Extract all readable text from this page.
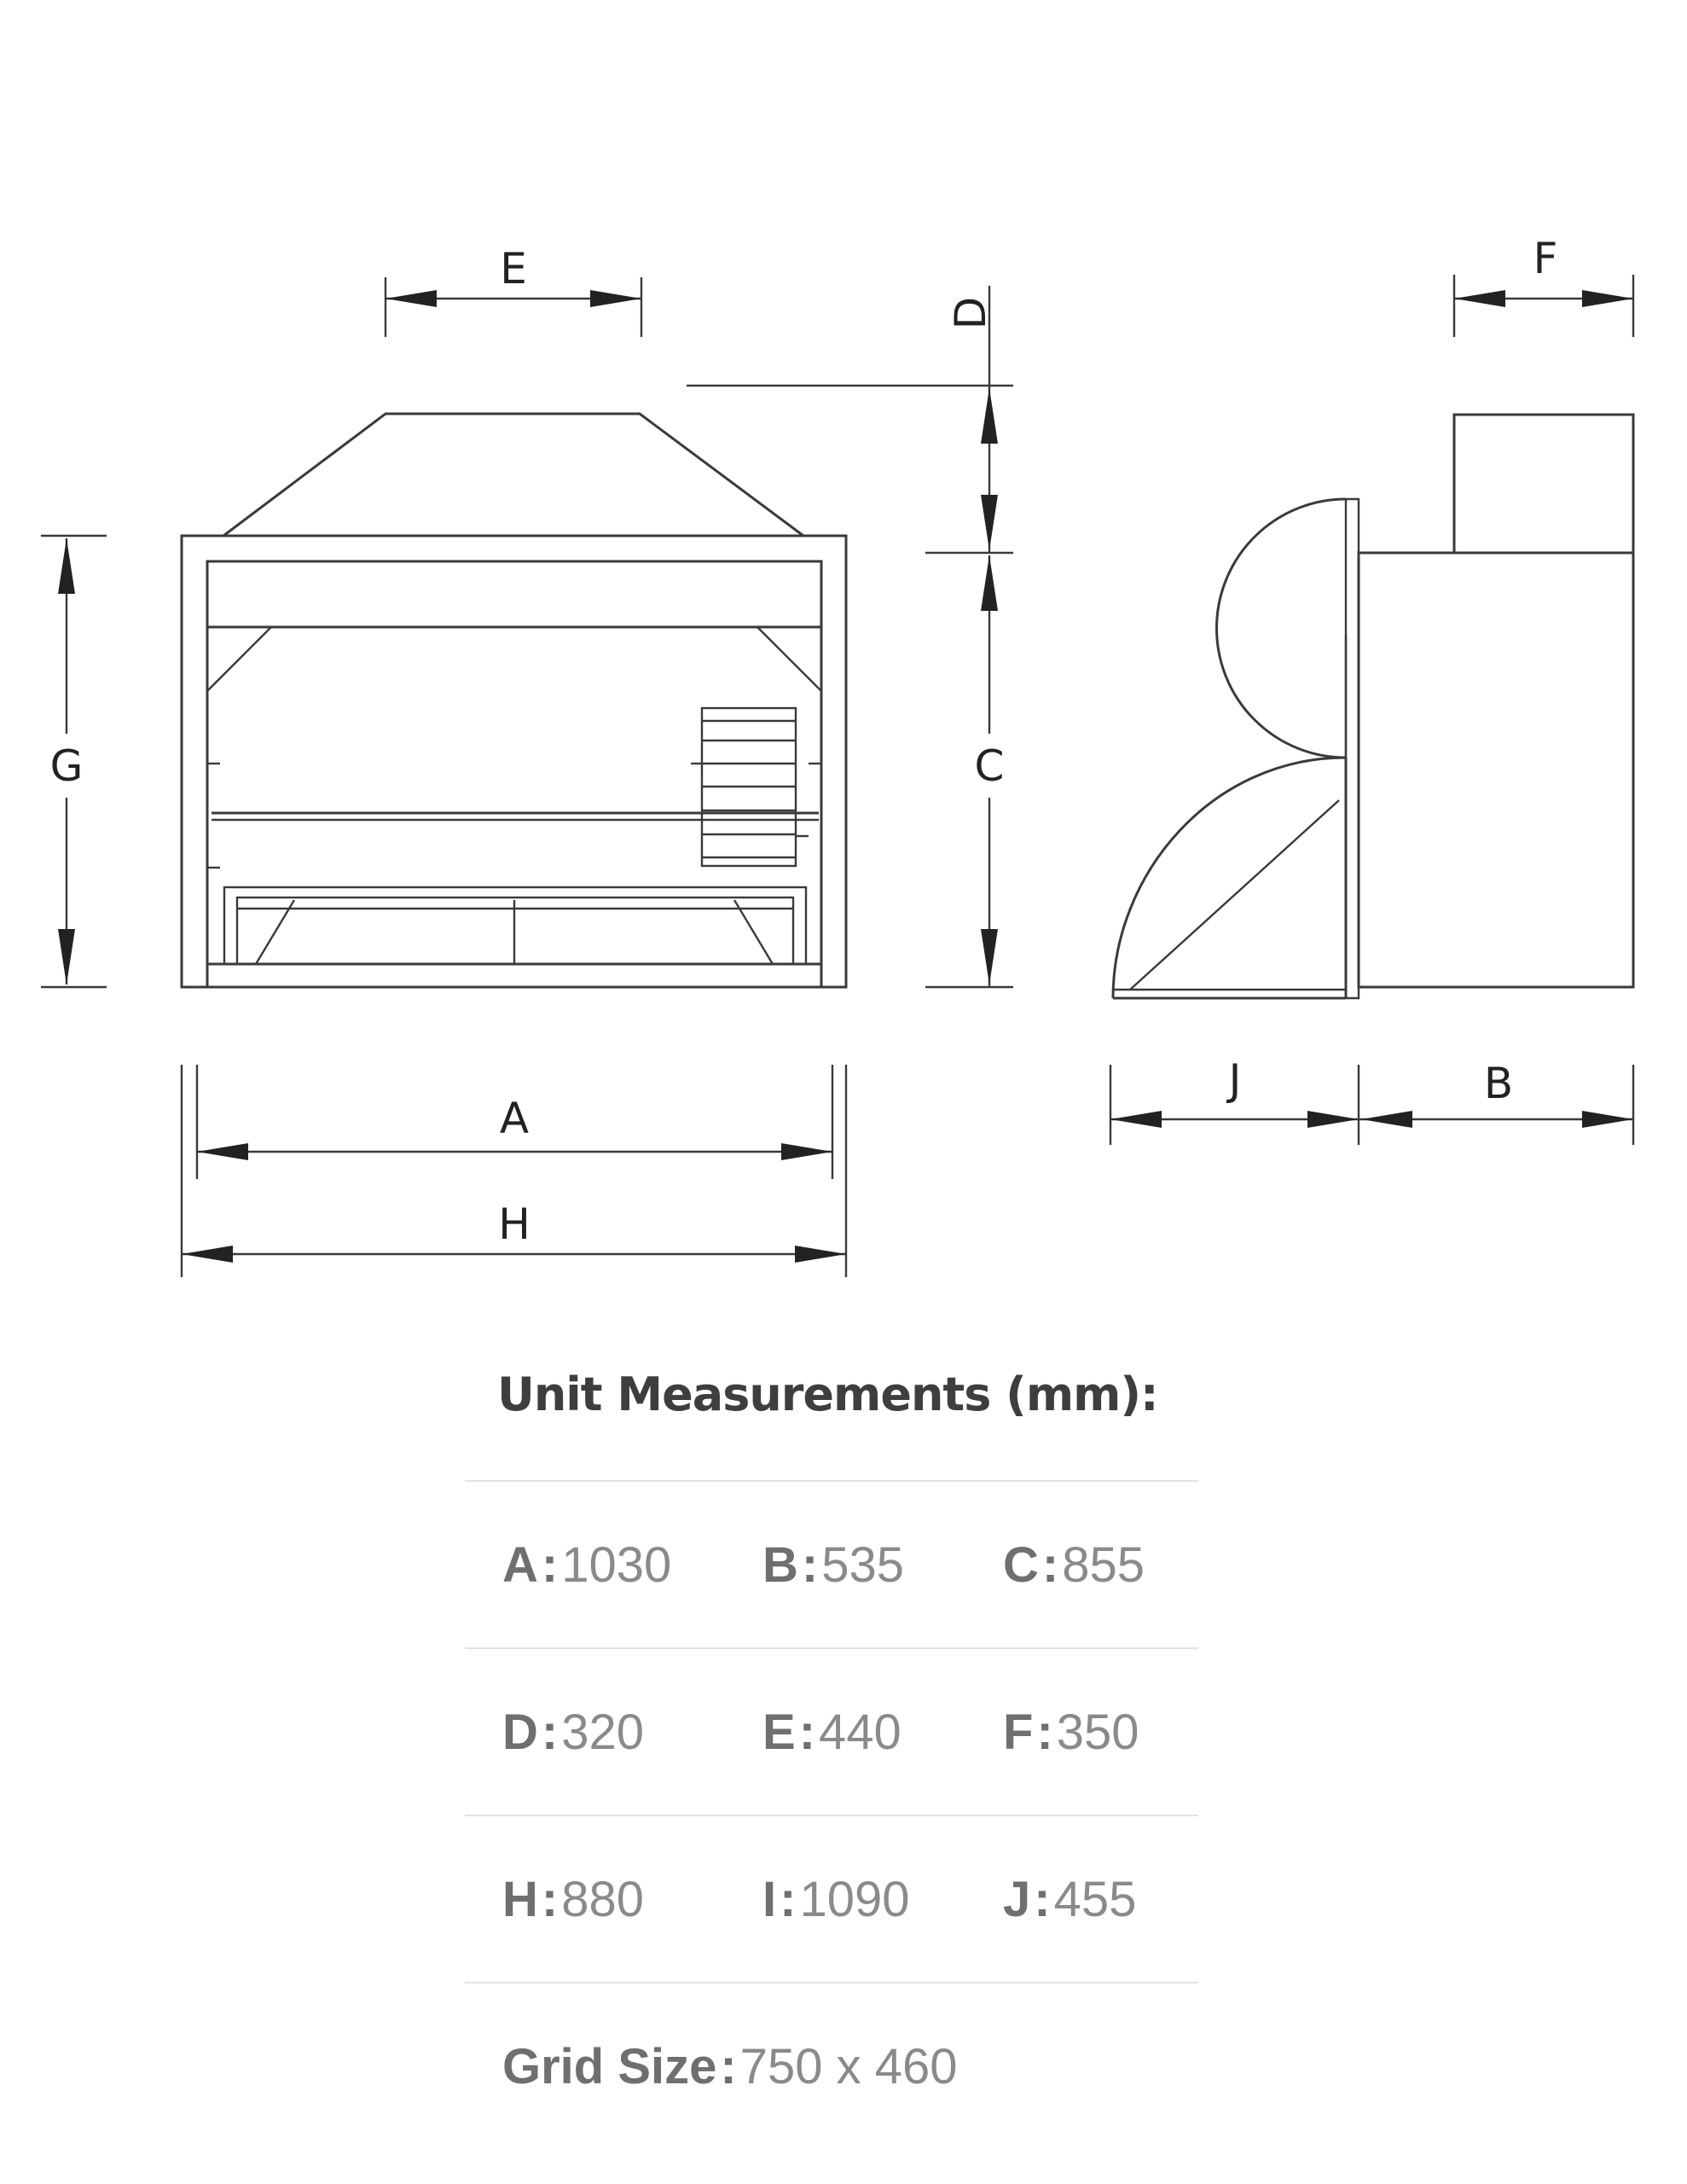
E
D
C
G
F
A
H
J	B
Unit Measurements (mm):
A:1030	B:535	C:855
D:320	E:440	F:350
H:880	I:1090	J:455
Grid Size:750 x 460
